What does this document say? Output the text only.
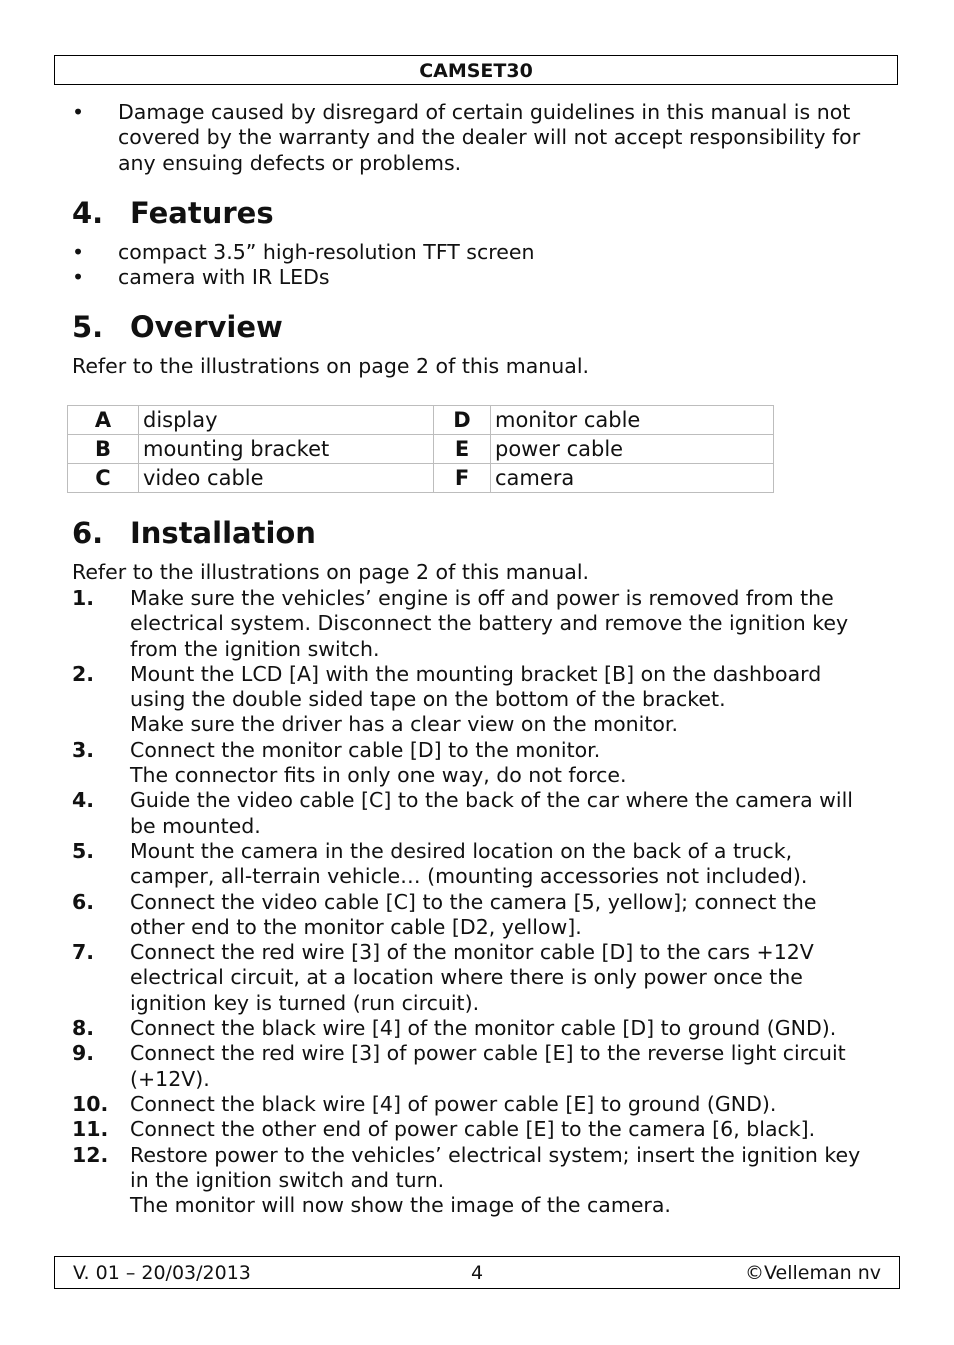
CAMSET30
•	Damage caused by disregard of certain guidelines in this manual is not covered by the warranty and the dealer will not accept responsibility for any ensuing defects or problems.
4. Features
•	compact 3.5” high-resolution TFT screen
•	camera with IR LEDs
5. Overview
Refer to the illustrations on page 2 of this manual.
A	display	D	monitor cable
B	mounting bracket	E	power cable
C	video cable	F	camera
6. Installation
Refer to the illustrations on page 2 of this manual.
1. Make sure the vehicles’ engine is off and power is removed from the
electrical system. Disconnect the battery and remove the ignition key
from the ignition switch.
2. Mount the LCD [A] with the mounting bracket [B] on the dashboard
using the double sided tape on the bottom of the bracket.
Make sure the driver has a clear view on the monitor.
3. Connect the monitor cable [D] to the monitor.
The connector fits in only one way, do not force.
4. Guide the video cable [C] to the back of the car where the camera will
be mounted.
5. Mount the camera in the desired location on the back of a truck,
camper, all-terrain vehicle… (mounting accessories not included).
6. Connect the video cable [C] to the camera [5, yellow]; connect the
other end to the monitor cable [D2, yellow].
7. Connect the red wire [3] of the monitor cable [D] to the cars +12V
electrical circuit, at a location where there is only power once the
ignition key is turned (run circuit).
8. Connect the black wire [4] of the monitor cable [D] to ground (GND).
9. Connect the red wire [3] of power cable [E] to the reverse light circuit
(+12V).
10. Connect the black wire [4] of power cable [E] to ground (GND).
11. Connect the other end of power cable [E] to the camera [6, black].
12. Restore power to the vehicles’ electrical system; insert the ignition key
in the ignition switch and turn.
The monitor will now show the image of the camera.
V. 01 – 20/03/2013	4	©Velleman nv
